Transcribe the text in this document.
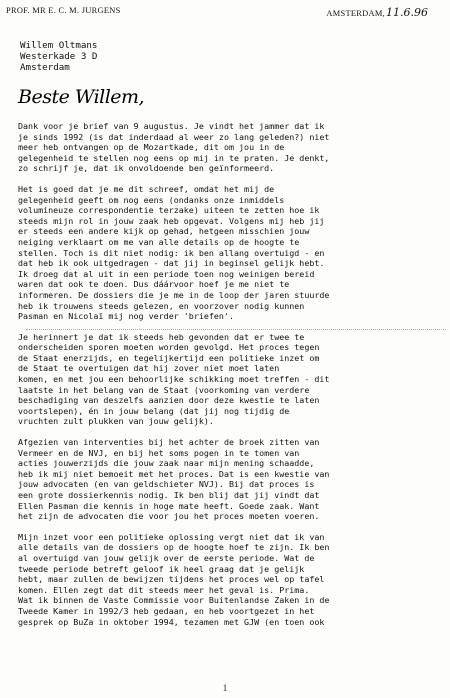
PROF. MR E. C. M. JURGENS	AMSTERDAM,11.6.96
Willem Oltmans
Westerkade 3 D
Amsterdam
Beste Willem,
Dank voor je brief van 9 augustus. Je vindt het jammer dat ik
je sinds 1992 (is dat inderdaad al weer zo lang geleden?) niet
meer heb ontvangen op de Mozartkade, dit om jou in de
gelegenheid te stellen nog eens op mij in te praten. Je denkt,
zo schrijf je, dat ik onvoldoende ben geïnformeerd.
Het is goed dat je me dit schreef, omdat het mij de
gelegenheid geeft om nog eens (ondanks onze inmiddels
volumineuze correspondentie terzake) uiteen te zetten hoe ik
steeds mijn rol in jouw zaak heb opgevat. Volgens mij heb jij
er steeds een andere kijk op gehad, hetgeen misschien jouw
neiging verklaart om me van alle details op de hoogte te
stellen. Toch is dit niet nodig: ik ben allang overtuigd - en
dat heb ik ook uitgedragen - dat jij in beginsel gelijk hebt.
Ik droeg dat al uit in een periode toen nog weinigen bereid
waren dat ook te doen. Dus dáárvoor hoef je me niet te
informeren. De dossiers die je me in de loop der jaren stuurde
heb ik trouwens steeds gelezen, en voorzover nodig kunnen
Pasman en Nicolaï mij nog verder 'briefen'.
Je herinnert je dat ik steeds heb gevonden dat er twee te
onderscheiden sporen moeten worden gevolgd. Het proces tegen
de Staat enerzijds, en tegelijkertijd een politieke inzet om
de Staat te overtuigen dat hij zover niet moet laten
komen, en met jou een behoorlijke schikking moet treffen - dit
laatste in het belang van de Staat (voorkoming van verdere
beschadiging van deszelfs aanzien door deze kwestie te laten
voortslepen), én in jouw belang (dat jij nog tijdig de
vruchten zult plukken van jouw gelijk).
Afgezien van interventies bij het achter de broek zitten van
Vermeer en de NVJ, en bij het soms pogen in te tomen van
acties jouwerzijds die jouw zaak naar mijn mening schaadde,
heb ik mij niet bemoeit met het proces. Dat is een kwestie van
jouw advocaten (en van geldschieter NVJ). Bij dat proces is
een grote dossierkennis nodig. Ik ben blij dat jij vindt dat
Ellen Pasman die kennis in hoge mate heeft. Goede zaak. Want
het zijn de advocaten die voor jou het proces moeten voeren.
Mijn inzet voor een politieke oplossing vergt niet dat ik van
alle details van de dossiers op de hoogte hoef te zijn. Ik ben
al overtuigd van jouw gelijk over de eerste periode. Wat de
tweede periode betreft geloof ik heel graag dat je gelijk
hebt, maar zullen de bewijzen tijdens het proces wel op tafel
komen. Ellen zegt dat dit steeds meer het geval is. Prima.
Wat ik binnen de Vaste Commissie voor Buitenlandse Zaken in de
Tweede Kamer in 1992/3 heb gedaan, en heb voortgezet in het
gesprek op BuZa in oktober 1994, tezamen met GJW (en toen ook
1
